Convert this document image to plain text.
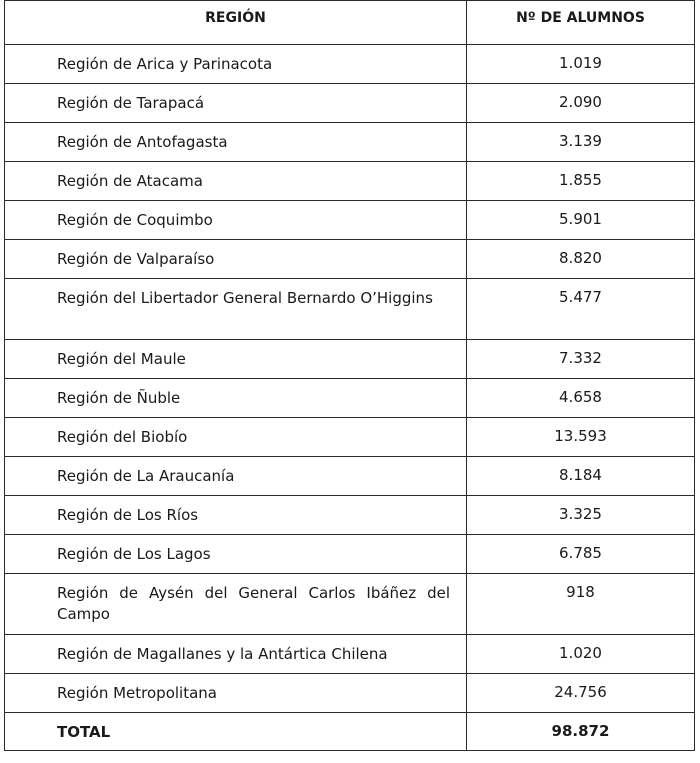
REGIÓN	Nº DE ALUMNOS
Región de Arica y Parinacota	1.019
Región de Tarapacá	2.090
Región de Antofagasta	3.139
Región de Atacama	1.855
Región de Coquimbo	5.901
Región de Valparaíso	8.820
Región del Libertador General Bernardo O’Higgins	5.477
Región del Maule	7.332
Región de Ñuble	4.658
Región del Biobío	13.593
Región de La Araucanía	8.184
Región de Los Ríos	3.325
Región de Los Lagos	6.785
Región de Aysén del General Carlos Ibáñez del Campo	918
Región de Magallanes y la Antártica Chilena	1.020
Región Metropolitana	24.756
TOTAL	98.872
